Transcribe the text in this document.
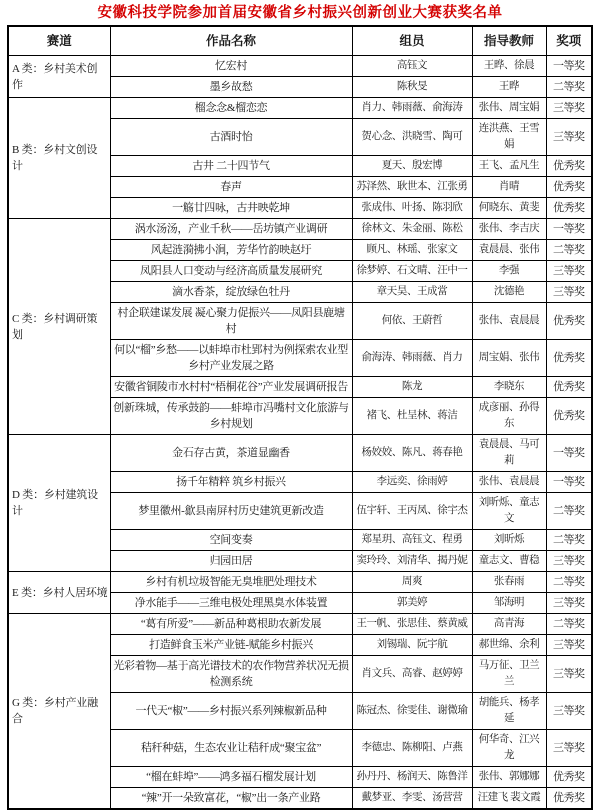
安徽科技学院参加首届安徽省乡村振兴创新创业大赛获奖名单
赛道	作品名称	组员	指导教师	奖项
A 类：乡村美术创作	忆宏村	高钰文	王晔、徐晨	一等奖
	墨乡故愁	陈秋旻	王晔	二等奖
B 类：乡村文创设计	榴念念&榴恋恋	肖力、韩雨薇、俞海涛	张伟、周宝娟	三等奖
	古酒时怡	贺心念、洪晓雪、陶可	连洪燕、王雪娟	三等奖
	古井 二十四节气	夏天、殷宏博	王飞、孟凡生	优秀奖
	春声	苏泽然、耿世本、江张勇	肖晴	优秀奖
	一觞廿四咏，古井映乾坤	张成伟、叶扬、陈羽欣	何晓东、黄斐	优秀奖
C 类：乡村调研策划	涡水汤汤，产业千秋——岳坊镇产业调研	徐林文、朱金丽、陈松	张伟、李吉庆	一等奖
	风起涟漪拂小涧，芳华竹韵映赵圩	顾凡、林瑶、张家文	袁晨晨、张伟	二等奖
	凤阳县人口变动与经济高质量发展研究	徐梦婷、石文晴、汪中一	李强	三等奖
	滴水香茶，绽放绿色牡丹	章天昊、王成當	沈德艳	三等奖
	村企联建谋发展 凝心聚力促振兴——凤阳县鹿塘村	何依、王蔚哲	张伟、袁晨晨	优秀奖
	何以“榴”乡愁——以蚌埠市杜郢村为例探索农业型乡村产业发展之路	俞海涛、韩雨薇、肖力	周宝娟、张伟	优秀奖
	安徽省铜陵市水村村“梧桐花谷”产业发展调研报告	陈龙	李晓东	优秀奖
	创新珠城，传承鼓韵——蚌埠市冯嘴村文化旅游与乡村规划	褚飞、杜呈林、蒋洁	成彦丽、孙得东	优秀奖
D 类：乡村建筑设计	金石存古黄，茶道显幽香	杨姣姣、陈凡、蒋春艳	袁晨晨、马可莉	一等奖
	扬千年精粹 筑乡村振兴	李远奕、徐雨婷	张伟、袁晨晨	一等奖
	梦里徽州-歙县南屏村历史建筑更新改造	伍宇轩、王丙凤、徐宇杰	刘昕烁、童志文	二等奖
	空间变奏	郑星玥、高钰文、程勇	刘昕烁	二等奖
	归园田居	窦玲玲、刘清华、揭丹妮	童志文、曹稳	三等奖
E 类：乡村人居环境	乡村有机垃圾智能无臭堆肥处理技术	周爽	张春雨	二等奖
	净水能手——三维电极处理黑臭水体装置	郭美婷	邹海明	三等奖
G 类：乡村产业融合	“葛有所爱”——新品种葛根助农新发展	王一帆、张思佳、蔡黄威	高青海	二等奖
	打造鲜食玉米产业链-赋能乡村振兴	刘锡瑞、阮宇航	郝世绵、余利	三等奖
	光彩着物—基于高光谱技术的农作物营养状况无损检测系统	肖文兵、高睿、赵婷婷	马万征、卫兰兰	三等奖
	一代天“椒”——乡村振兴系列辣椒新品种	陈冠杰、徐雯佳、谢微瑜	胡能兵、杨孝延	三等奖
	秸秆种菇，生态农业让秸秆成“聚宝盆”	李德忠、陈柳阳、卢燕	何华奇、江兴龙	三等奖
	“榴在蚌埠”——鸿多福石榴发展计划	孙丹丹、杨润天、陈鲁洋	张伟、郭娜娜	优秀奖
	“辣”开一朵致富花，“椒”出一条产业路	戴梦亚、李雯、汤营营	汪建飞 裴文霞	优秀奖
